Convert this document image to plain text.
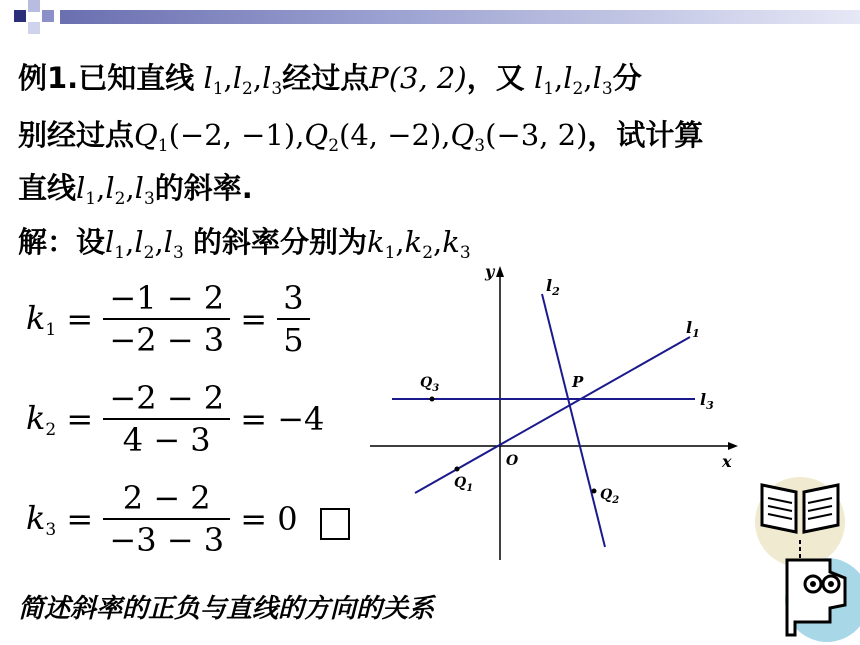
例1.已知直线 $l_1,l_2,l_3$经过点P(3, 2)，又 $l_1,l_2,l_3$分
别经过点$Q_1(-2$, $-1),Q_2(4$, $-2),Q_3(-3$, 2)，试计算
直线$l_1,l_2,l_3$的斜率.
解：设$l_1,l_2,l_3$ 的斜率分别为$k_1,k_2,k_3$
$k_1 = \frac{-1 - 2}{-2 - 3} = \frac{3}{5}$
$k_2 = \frac{-2 - 2}{4 - 3} = -4$
$k_3 = \frac{2 - 2}{-3 - 3} = 0$
y
x
O
P
$l_2$
$l_1$
$l_3$
$Q_3$
$Q_1$	$Q_2$
简述斜率的正负与直线的方向的关系
